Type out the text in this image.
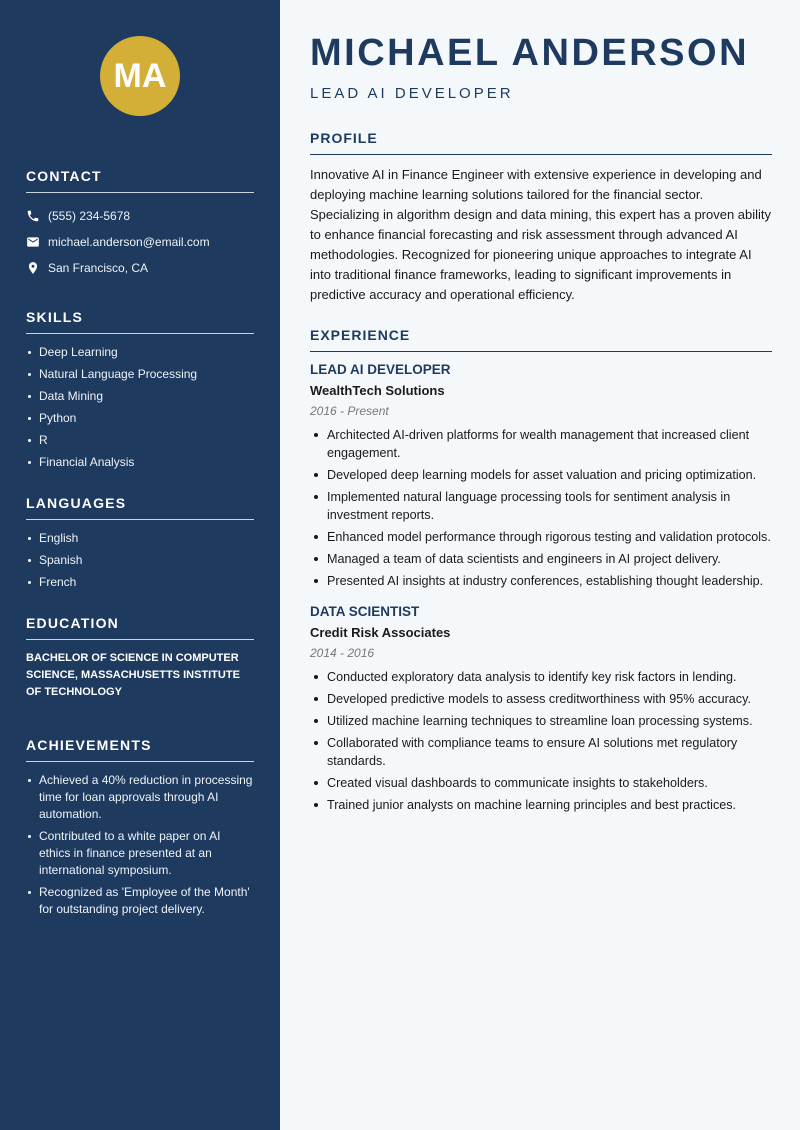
MA
CONTACT
(555) 234-5678
michael.anderson@email.com
San Francisco, CA
SKILLS
Deep Learning
Natural Language Processing
Data Mining
Python
R
Financial Analysis
LANGUAGES
English
Spanish
French
EDUCATION
BACHELOR OF SCIENCE IN COMPUTER SCIENCE, MASSACHUSETTS INSTITUTE OF TECHNOLOGY
ACHIEVEMENTS
Achieved a 40% reduction in processing time for loan approvals through AI automation.
Contributed to a white paper on AI ethics in finance presented at an international symposium.
Recognized as 'Employee of the Month' for outstanding project delivery.
MICHAEL ANDERSON
LEAD AI DEVELOPER
PROFILE
Innovative AI in Finance Engineer with extensive experience in developing and deploying machine learning solutions tailored for the financial sector. Specializing in algorithm design and data mining, this expert has a proven ability to enhance financial forecasting and risk assessment through advanced AI methodologies. Recognized for pioneering unique approaches to integrate AI into traditional finance frameworks, leading to significant improvements in predictive accuracy and operational efficiency.
EXPERIENCE
LEAD AI DEVELOPER
WealthTech Solutions
2016 - Present
Architected AI-driven platforms for wealth management that increased client engagement.
Developed deep learning models for asset valuation and pricing optimization.
Implemented natural language processing tools for sentiment analysis in investment reports.
Enhanced model performance through rigorous testing and validation protocols.
Managed a team of data scientists and engineers in AI project delivery.
Presented AI insights at industry conferences, establishing thought leadership.
DATA SCIENTIST
Credit Risk Associates
2014 - 2016
Conducted exploratory data analysis to identify key risk factors in lending.
Developed predictive models to assess creditworthiness with 95% accuracy.
Utilized machine learning techniques to streamline loan processing systems.
Collaborated with compliance teams to ensure AI solutions met regulatory standards.
Created visual dashboards to communicate insights to stakeholders.
Trained junior analysts on machine learning principles and best practices.
